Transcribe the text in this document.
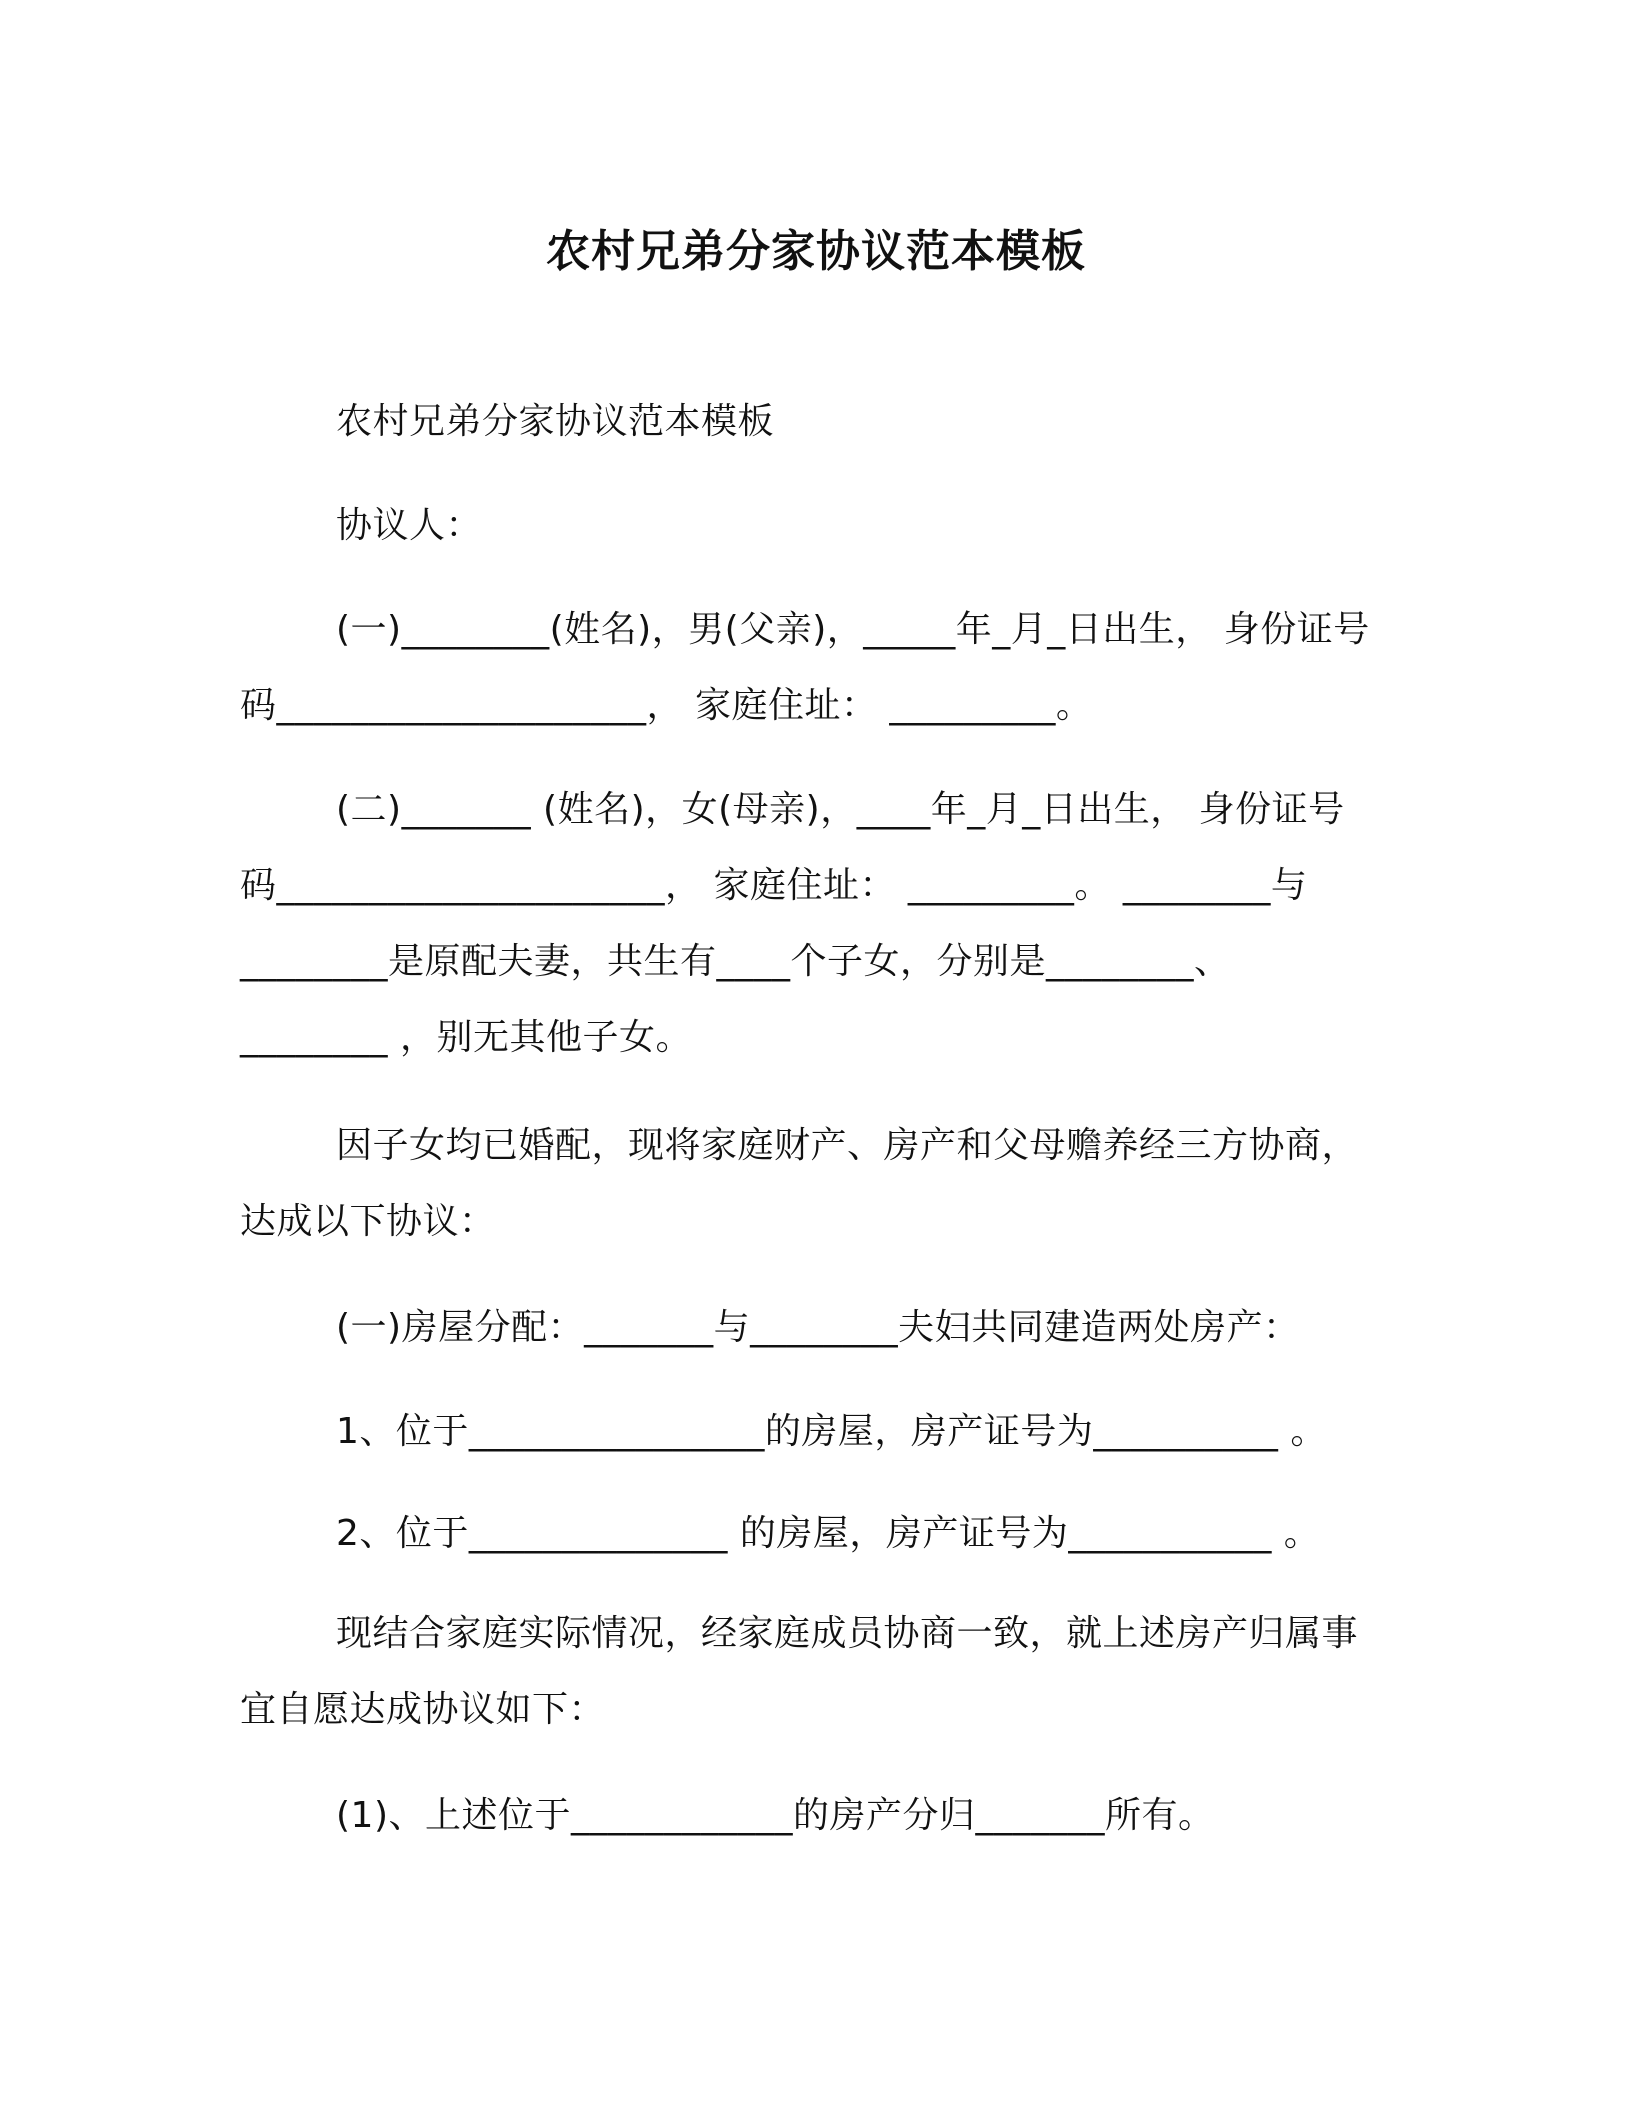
农村兄弟分家协议范本模板
农村兄弟分家协议范本模板
协议人：
(一)________(姓名)，男(父亲)，_____年_月_日出生， 身份证号码____________________， 家庭住址： _________。
(二)_______ (姓名)，女(母亲)，____年_月_日出生， 身份证号码_____________________， 家庭住址： _________。 ________与________是原配夫妻，共生有____个子女，分别是________、 ________ ，别无其他子女。
因子女均已婚配，现将家庭财产、房产和父母赡养经三方协商，达成以下协议：
(一)房屋分配：_______与________夫妇共同建造两处房产：
1、位于________________的房屋，房产证号为__________ 。
2、位于______________ 的房屋，房产证号为___________ 。
现结合家庭实际情况，经家庭成员协商一致，就上述房产归属事宜自愿达成协议如下：
(1)、上述位于____________的房产分归_______所有。
